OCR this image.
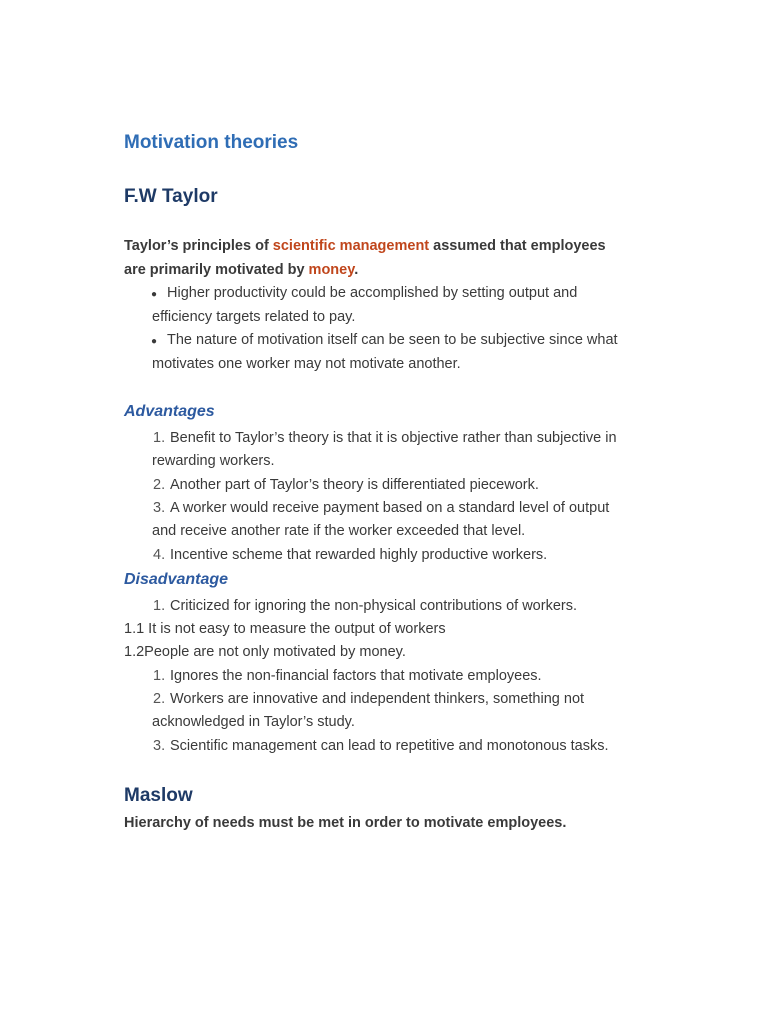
Motivation theories
F.W Taylor
Taylor’s principles of scientific management assumed that employees
are primarily motivated by money.
● Higher productivity could be accomplished by setting output and
efficiency targets related to pay.
● The nature of motivation itself can be seen to be subjective since what
motivates one worker may not motivate another.
Advantages
1. Benefit to Taylor’s theory is that it is objective rather than subjective in
rewarding workers.
2. Another part of Taylor’s theory is differentiated piecework.
3. A worker would receive payment based on a standard level of output
and receive another rate if the worker exceeded that level.
4. Incentive scheme that rewarded highly productive workers.
Disadvantage
1. Criticized for ignoring the non-physical contributions of workers.
1.1 It is not easy to measure the output of workers
1.2People are not only motivated by money.
1. Ignores the non-financial factors that motivate employees.
2. Workers are innovative and independent thinkers, something not
acknowledged in Taylor’s study.
3. Scientific management can lead to repetitive and monotonous tasks.
Maslow
Hierarchy of needs must be met in order to motivate employees.
